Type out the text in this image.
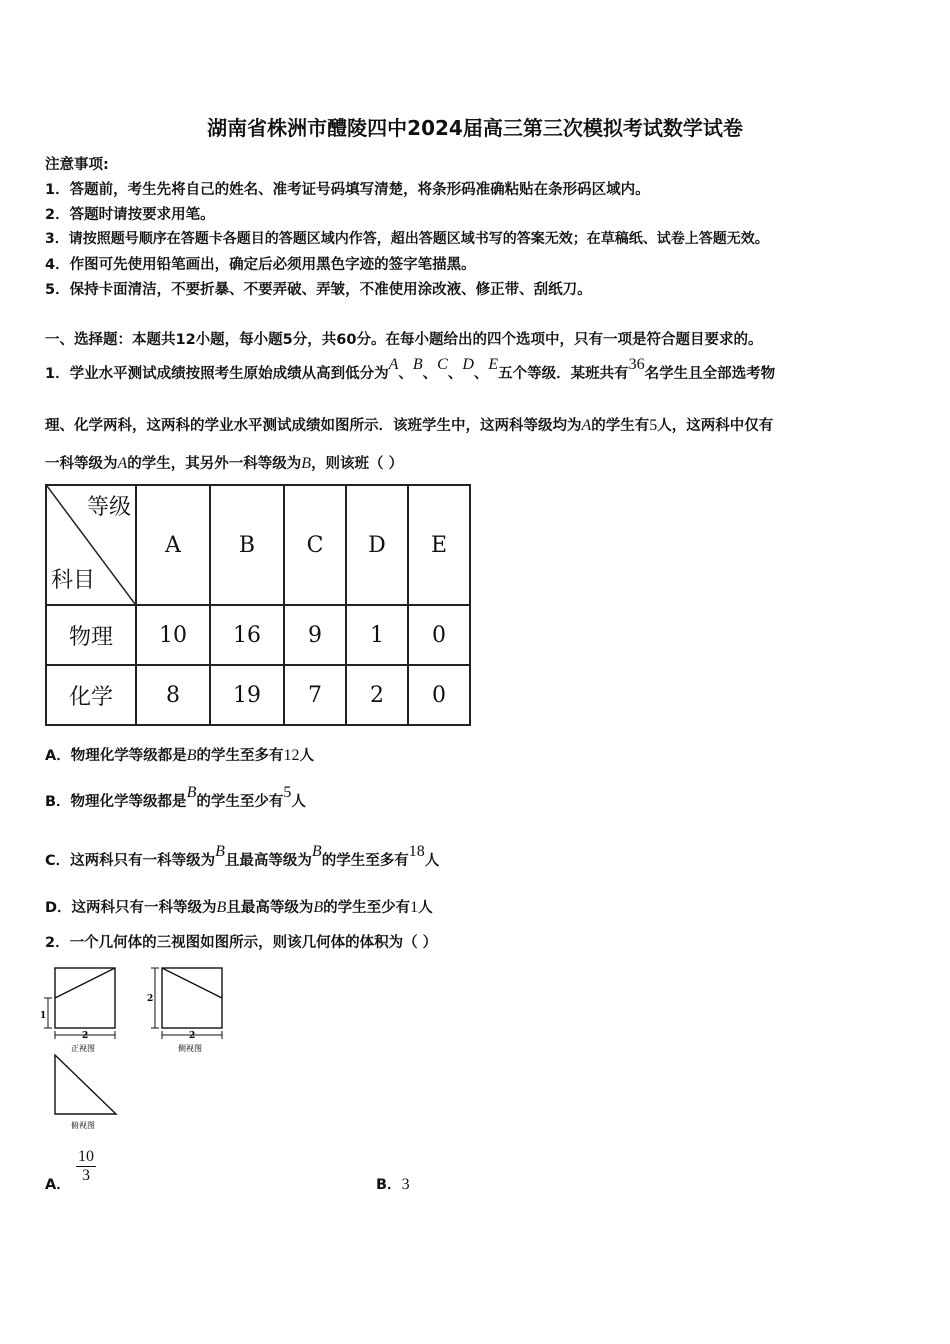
湖南省株洲市醴陵四中2024届高三第三次模拟考试数学试卷
注意事项:
1．答题前，考生先将自己的姓名、准考证号码填写清楚，将条形码准确粘贴在条形码区域内。
2．答题时请按要求用笔。
3．请按照题号顺序在答题卡各题目的答题区域内作答，超出答题区域书写的答案无效；在草稿纸、试卷上答题无效。
4．作图可先使用铅笔画出，确定后必须用黑色字迹的签字笔描黑。
5．保持卡面清洁，不要折暴、不要弄破、弄皱，不准使用涂改液、修正带、刮纸刀。
一、选择题：本题共12小题，每小题5分，共60分。在每小题给出的四个选项中，只有一项是符合题目要求的。
1．学业水平测试成绩按照考生原始成绩从高到低分为A、B、C、D、E五个等级．某班共有36名学生且全部选考物
理、化学两科，这两科的学业水平测试成绩如图所示．该班学生中，这两科等级均为A的学生有5人，这两科中仅有
一科等级为A的学生，其另外一科等级为B，则该班（ ）
等级
科目	A	B	C	D	E
物理	10	16	9	1	0
化学	8	19	7	2	0
A．物理化学等级都是B的学生至多有12人
B．物理化学等级都是B的学生至少有5人
C．这两科只有一科等级为B且最高等级为B的学生至多有18人
D．这两科只有一科等级为B且最高等级为B的学生至少有1人
2．一个几何体的三视图如图所示，则该几何体的体积为（ ）
1
2
正视图
2
2
侧视图
俯视图
A． $\frac{10}{3}$	B．3
